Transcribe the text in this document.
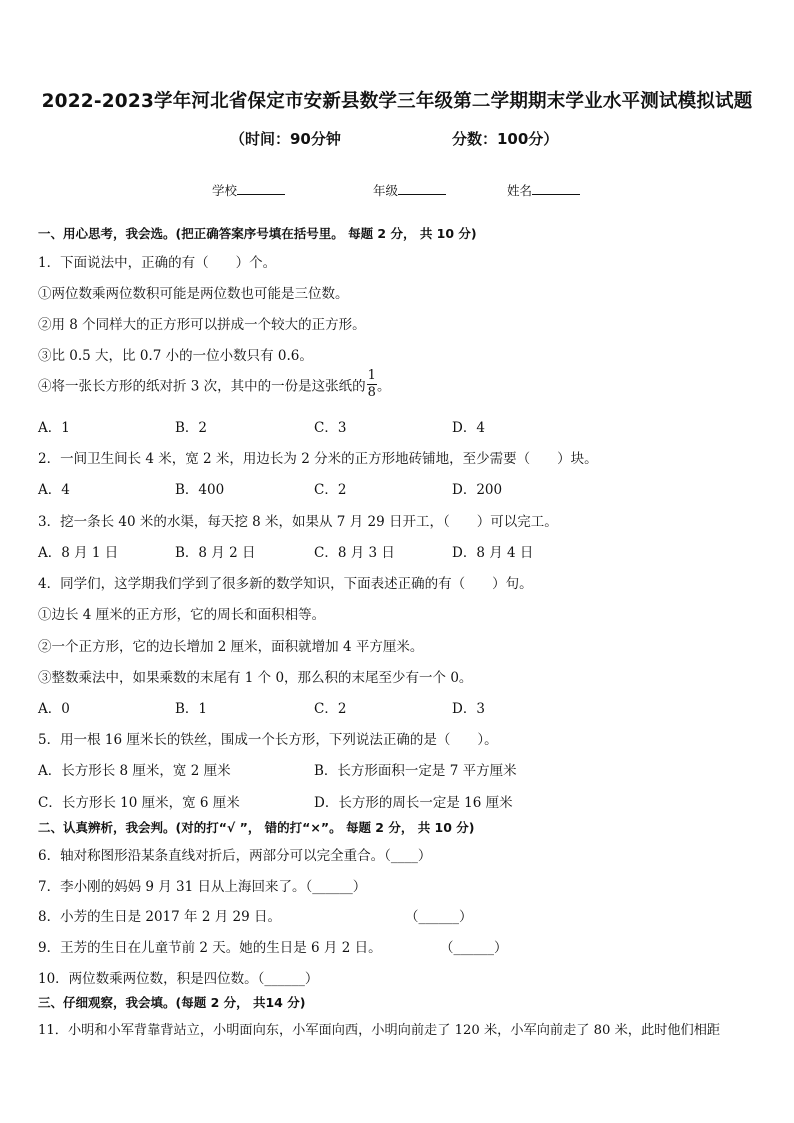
2022-2023学年河北省保定市安新县数学三年级第二学期期末学业水平测试模拟试题
（时间：90分钟	分数：100分）
学校	年级	姓名
一、用心思考，我会选。(把正确答案序号填在括号里。 每题 2 分， 共 10 分)
1．下面说法中，正确的有（　　）个。
①两位数乘两位数积可能是两位数也可能是三位数。
②用 8 个同样大的正方形可以拼成一个较大的正方形。
③比 0.5 大，比 0.7 小的一位小数只有 0.6。
④将一张长方形的纸对折 3 次，其中的一份是这张纸的 $\frac{1}{8}$ 。
A．1	B．2	C．3	D．4
2．一间卫生间长 4 米，宽 2 米，用边长为 2 分米的正方形地砖铺地，至少需要（　　）块。
A．4	B．400	C．2	D．200
3．挖一条长 40 米的水渠，每天挖 8 米，如果从 7 月 29 日开工，（　　）可以完工。
A．8 月 1 日	B．8 月 2 日	C．8 月 3 日	D．8 月 4 日
4．同学们，这学期我们学到了很多新的数学知识，下面表述正确的有（　　）句。
①边长 4 厘米的正方形，它的周长和面积相等。
②一个正方形，它的边长增加 2 厘米，面积就增加 4 平方厘米。
③整数乘法中，如果乘数的末尾有 1 个 0，那么积的末尾至少有一个 0。
A．0	B．1	C．2	D．3
5．用一根 16 厘米长的铁丝，围成一个长方形，下列说法正确的是（　　）。
A．长方形长 8 厘米，宽 2 厘米	B．长方形面积一定是 7 平方厘米
C．长方形长 10 厘米，宽 6 厘米	D．长方形的周长一定是 16 厘米
二、认真辨析，我会判。(对的打“√ ”， 错的打“×”。 每题 2 分， 共 10 分)
6．轴对称图形沿某条直线对折后，两部分可以完全重合。（____）
7．李小刚的妈妈 9 月 31 日从上海回来了。（______）
8．小芳的生日是 2017 年 2 月 29 日。	（______）
9．王芳的生日在儿童节前 2 天。她的生日是 6 月 2 日。	（______）
10．两位数乘两位数，积是四位数。（______）
三、仔细观察，我会填。(每题 2 分， 共14 分)
11．小明和小军背靠背站立，小明面向东，小军面向西，小明向前走了 120 米，小军向前走了 80 米，此时他们相距
